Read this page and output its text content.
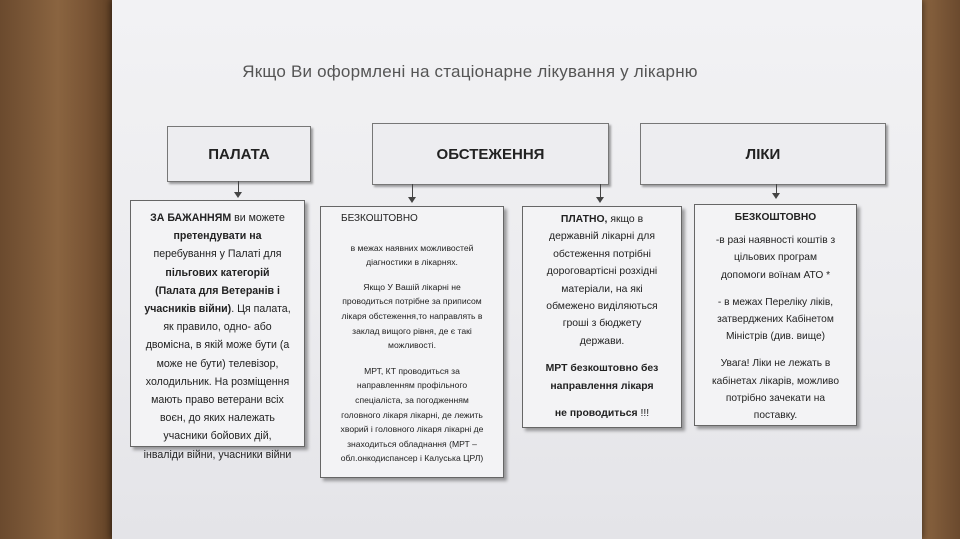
Якщо Ви оформлені на стаціонарне лікування у лікарню
ПАЛАТА	ОБСТЕЖЕННЯ	ЛІКИ

ЗА БАЖАННЯМ ви можете

претендувати на

перебування у Палаті для

пільгових категорій

(Палата для Ветеранів і

учасників війни). Ця палата,

як правило, одно- або

двомісна, в якій може бути (а

може не бути) телевізор,

холодильник. На розміщення

мають право ветерани всіх

воєн, до яких належать

учасники бойових дій,

інваліди війни, учасники війни

БЕЗКОШТОВНО

в межах наявних можливостей

діагностики в лікарнях.

Якщо У Вашій лікарні не

проводиться потрібне за приписом

лікаря обстеження,то направлять в

заклад вищого рівня, де є такі

можливості.

МРТ, КТ проводиться за

направленням профільного

спеціаліста, за погодженням

головного лікаря лікарні, де лежить

хворий і головного лікаря лікарні де

знаходиться обладнання (МРТ –

обл.онкодиспансер і Калуська ЦРЛ)

ПЛАТНО, якщо в

державній лікарні для

обстеження потрібні

дороговартісні розхідні

матеріали, на які

обмежено виділяються

гроші з бюджету

держави.

МРТ безкоштовно без

направлення лікаря

не проводиться !!!

БЕЗКОШТОВНО

-в разі наявності коштів з

цільових програм

допомоги воїнам АТО *

- в межах Переліку ліків,

затверджених Кабінетом

Міністрів (див. вище)

Увага! Ліки не лежать в

кабінетах лікарів, можливо

потрібно зачекати на

поставку.
